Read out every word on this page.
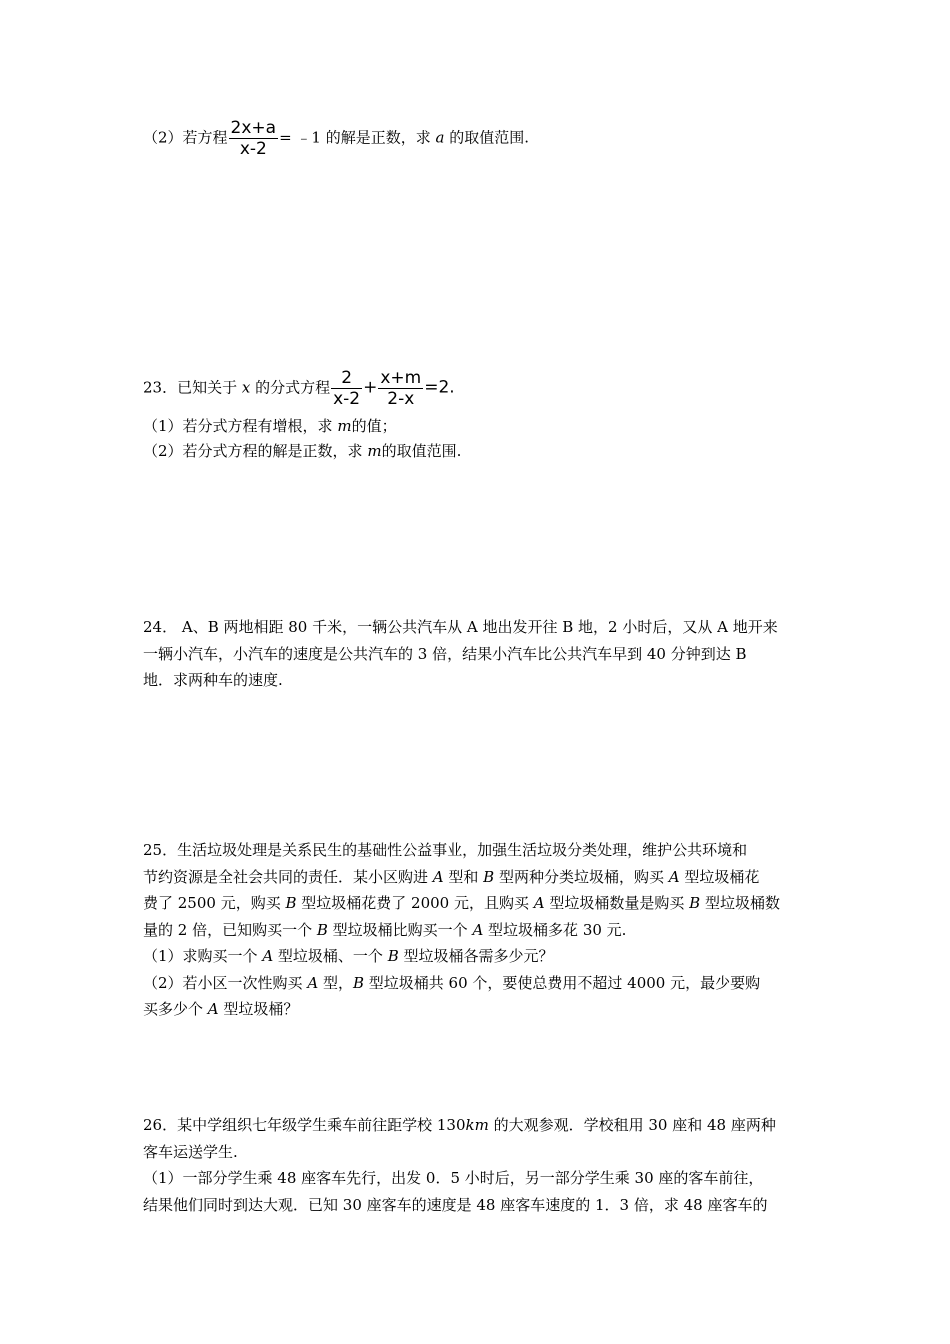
（2）若方程 $\frac{2x+a}{x-2}$ = ﹣1 的解是正数，求 a 的取值范围.
23．已知关于 x 的分式方程 $\frac{2}{x-2} + \frac{x+m}{2-x} =2$.
（1）若分式方程有增根，求 m的值；
（2）若分式方程的解是正数，求 m的取值范围.
24． A、B 两地相距 80 千米，一辆公共汽车从 A 地出发开往 B 地，2 小时后，又从 A 地开来
一辆小汽车，小汽车的速度是公共汽车的 3 倍，结果小汽车比公共汽车早到 40 分钟到达 B
地．求两种车的速度.
25．生活垃圾处理是关系民生的基础性公益事业，加强生活垃圾分类处理，维护公共环境和
节约资源是全社会共同的责任．某小区购进 A 型和 B 型两种分类垃圾桶，购买 A 型垃圾桶花
费了 2500 元，购买 B 型垃圾桶花费了 2000 元，且购买 A 型垃圾桶数量是购买 B 型垃圾桶数
量的 2 倍，已知购买一个 B 型垃圾桶比购买一个 A 型垃圾桶多花 30 元.
（1）求购买一个 A 型垃圾桶、一个 B 型垃圾桶各需多少元？
（2）若小区一次性购买 A 型，B 型垃圾桶共 60 个，要使总费用不超过 4000 元，最少要购
买多少个 A 型垃圾桶？
26．某中学组织七年级学生乘车前往距学校 130km 的大观参观．学校租用 30 座和 48 座两种
客车运送学生.
（1）一部分学生乘 48 座客车先行，出发 0．5 小时后，另一部分学生乘 30 座的客车前往，
结果他们同时到达大观．已知 30 座客车的速度是 48 座客车速度的 1．3 倍，求 48 座客车的
